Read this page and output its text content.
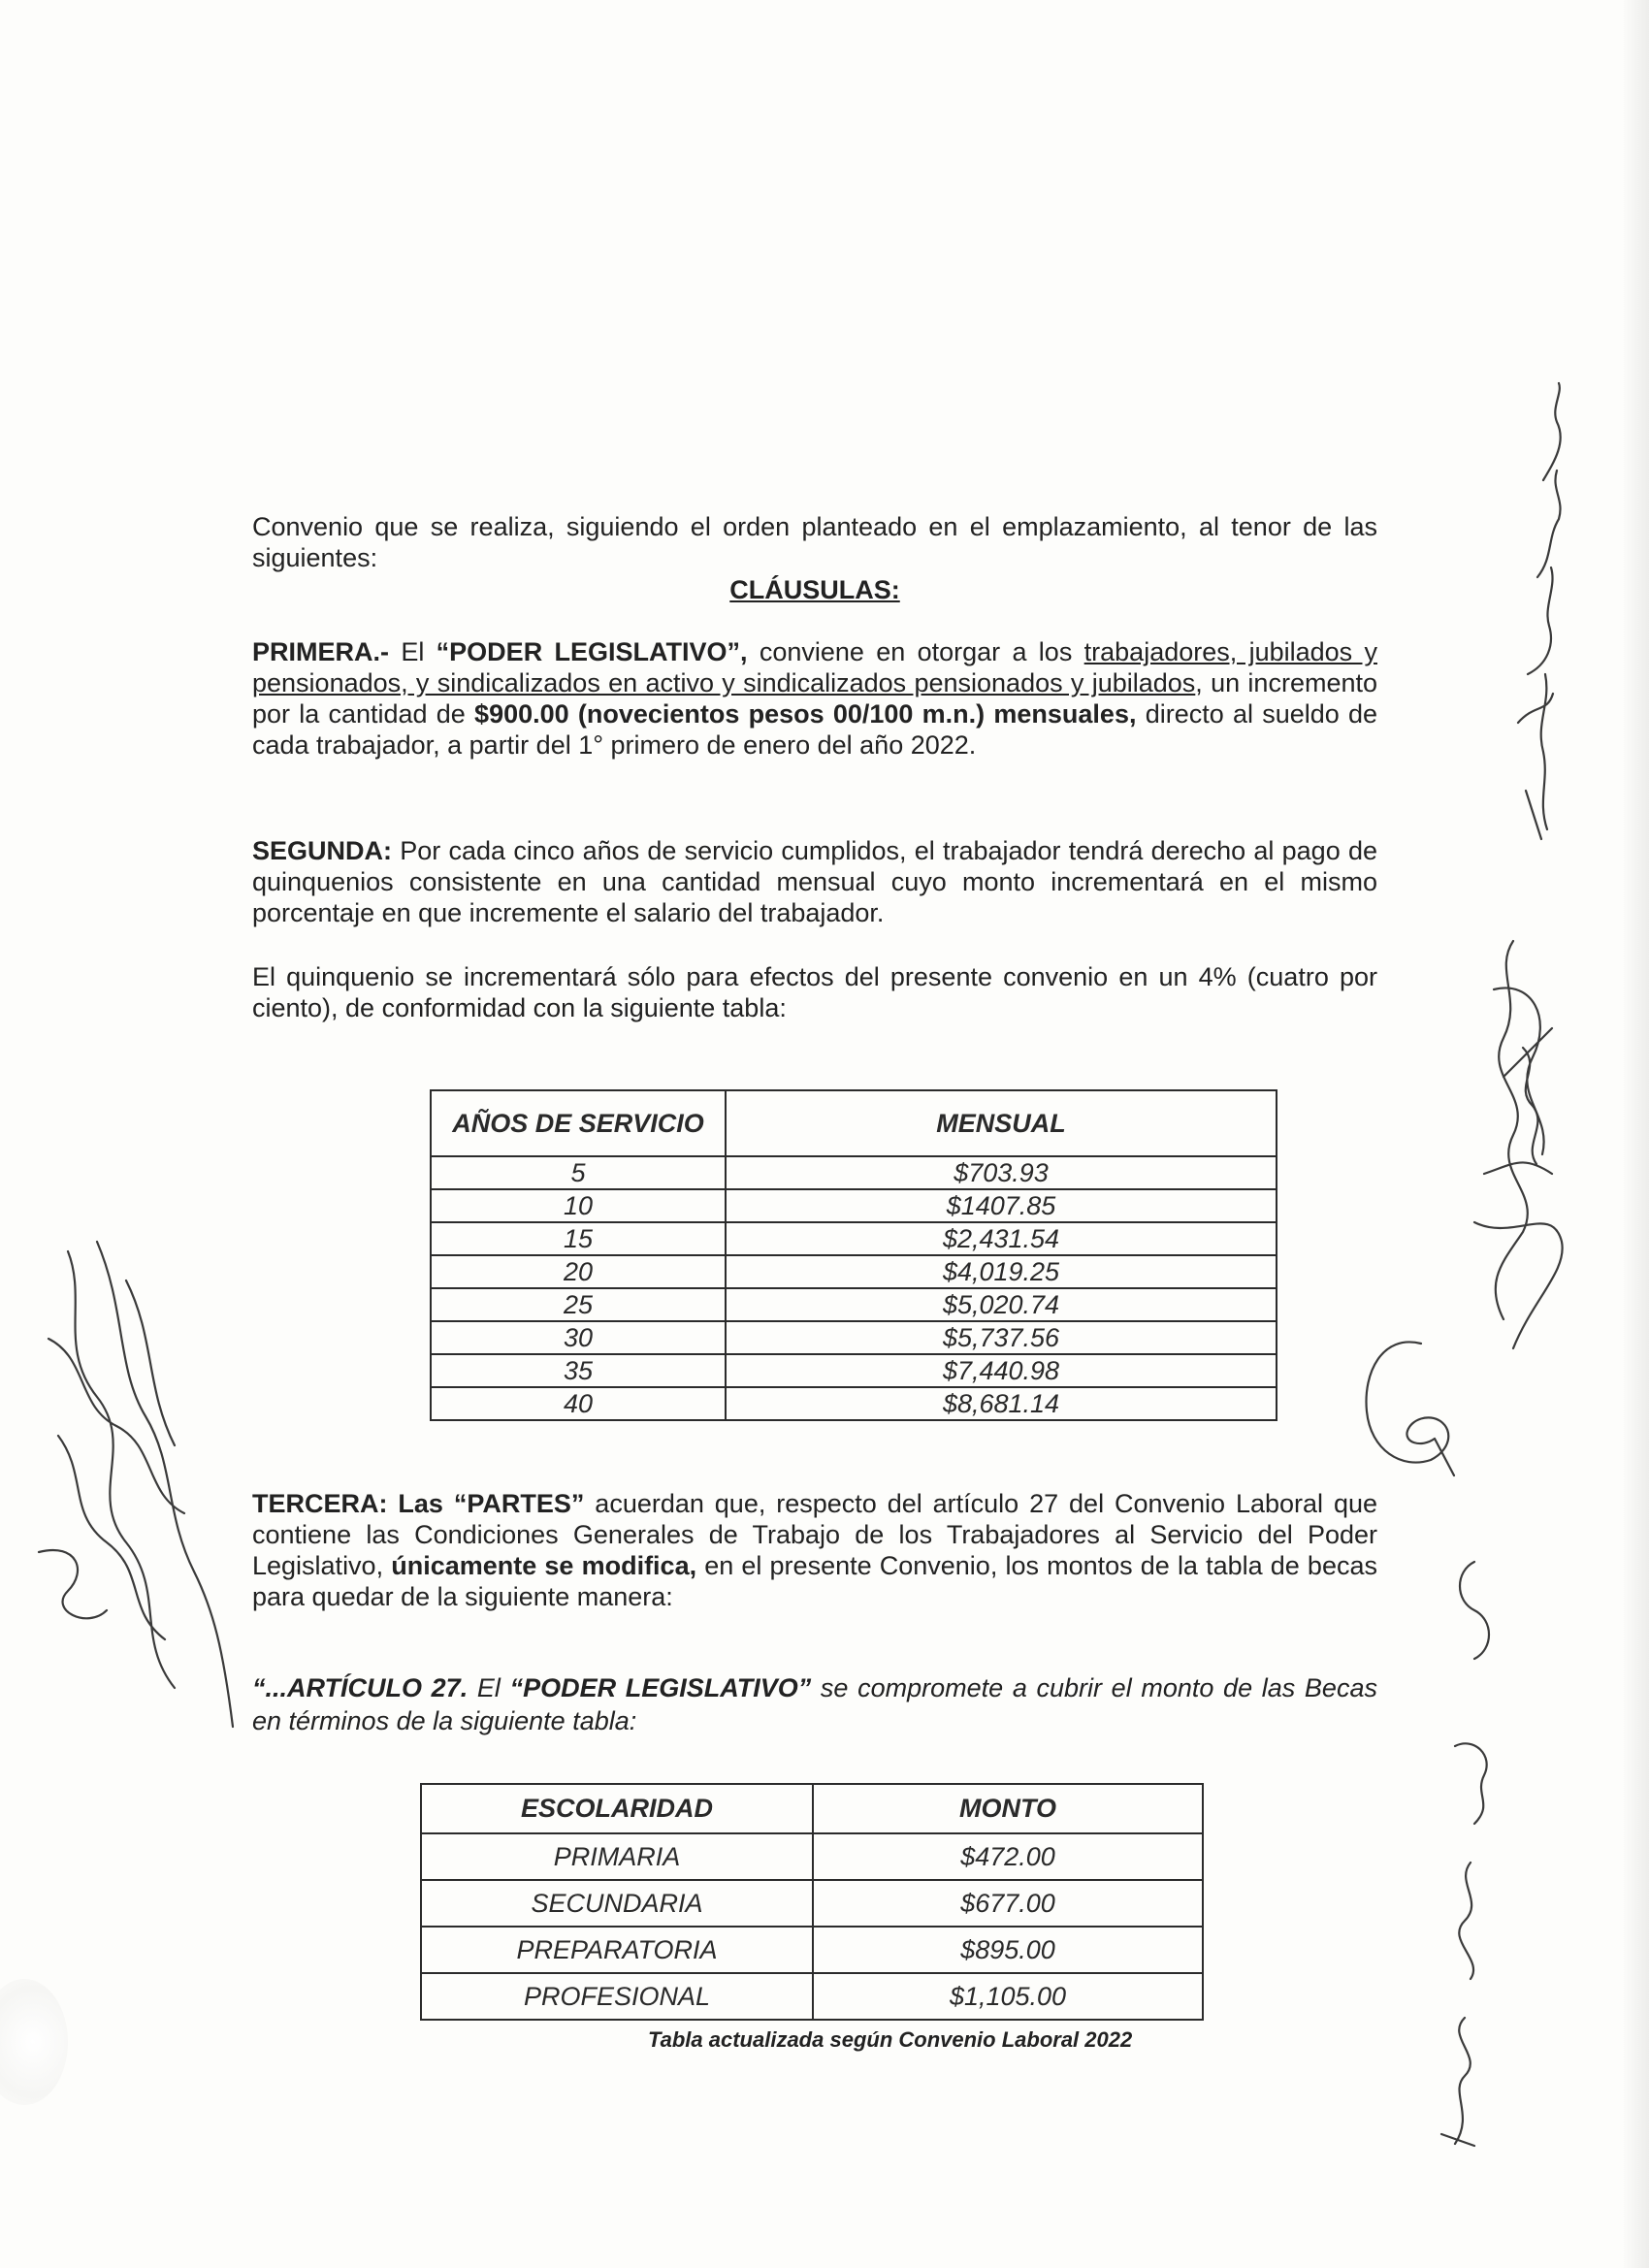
Convenio que se realiza, siguiendo el orden planteado en el emplazamiento, al tenor de las siguientes:
CLÁUSULAS:
PRIMERA.- El “PODER LEGISLATIVO”, conviene en otorgar a los trabajadores, jubilados y pensionados, y sindicalizados en activo y sindicalizados pensionados y jubilados, un incremento por la cantidad de $900.00 (novecientos pesos 00/100 m.n.) mensuales, directo al sueldo de cada trabajador, a partir del 1° primero de enero del año 2022.
SEGUNDA: Por cada cinco años de servicio cumplidos, el trabajador tendrá derecho al pago de quinquenios consistente en una cantidad mensual cuyo monto incrementará en el mismo porcentaje en que incremente el salario del trabajador.
El quinquenio se incrementará sólo para efectos del presente convenio en un 4% (cuatro por ciento), de conformidad con la siguiente tabla:
AÑOS DE SERVICIO	MENSUAL
5	$703.93
10	$1407.85
15	$2,431.54
20	$4,019.25
25	$5,020.74
30	$5,737.56
35	$7,440.98
40	$8,681.14
TERCERA: Las “PARTES” acuerdan que, respecto del artículo 27 del Convenio Laboral que contiene las Condiciones Generales de Trabajo de los Trabajadores al Servicio del Poder Legislativo, únicamente se modifica, en el presente Convenio, los montos de la tabla de becas para quedar de la siguiente manera:
“...ARTÍCULO 27. El “PODER LEGISLATIVO” se compromete a cubrir el monto de las Becas en términos de la siguiente tabla:
ESCOLARIDAD	MONTO
PRIMARIA	$472.00
SECUNDARIA	$677.00
PREPARATORIA	$895.00
PROFESIONAL	$1,105.00
Tabla actualizada según Convenio Laboral 2022
